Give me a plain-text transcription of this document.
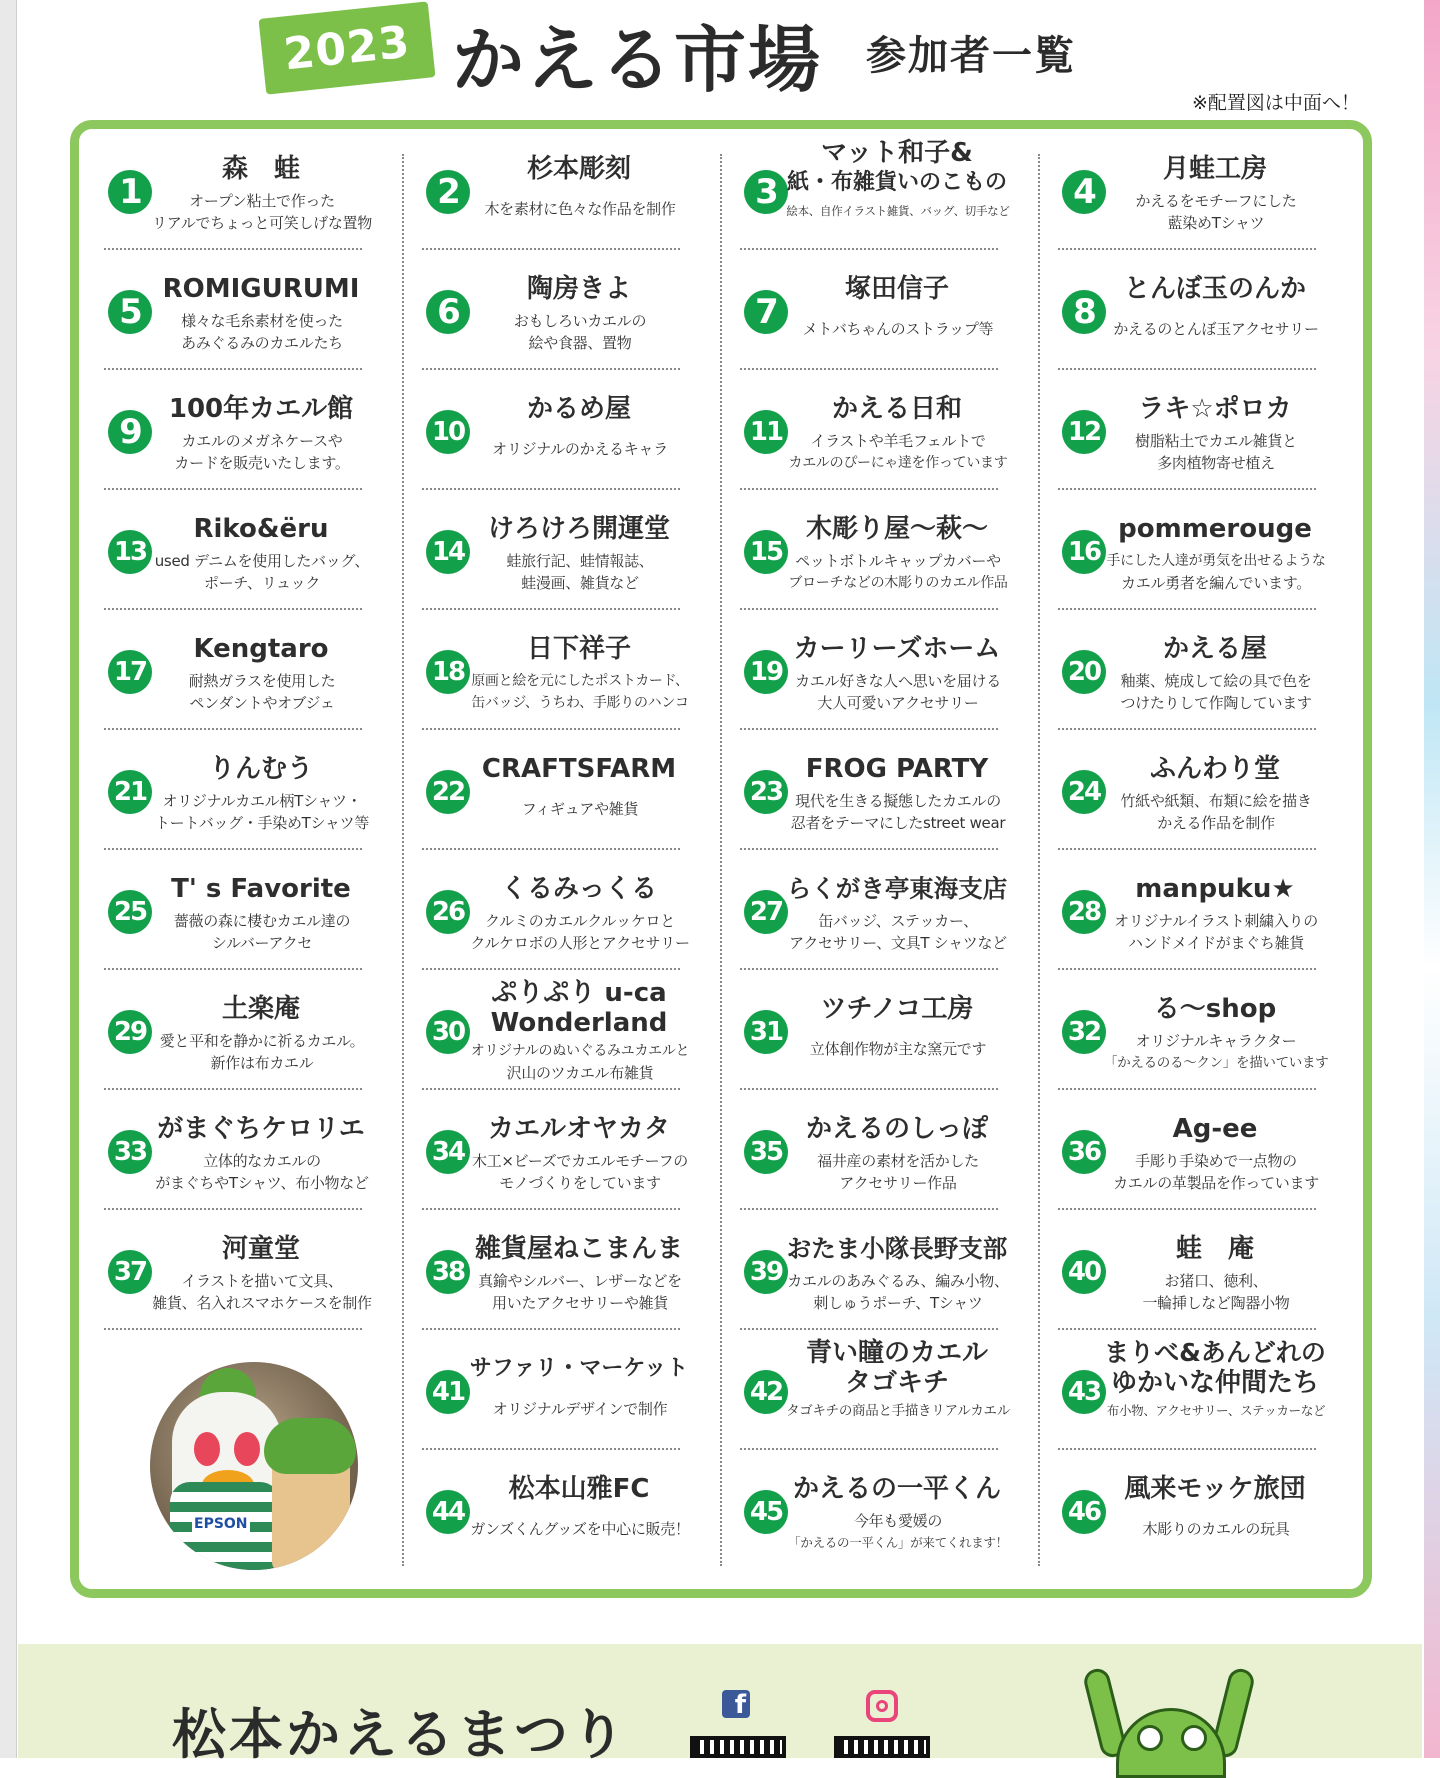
2023 かえる市場 参加者一覧
※配置図は中面へ！
1
森　蛙
オープン粘土で作った
リアルでちょっと可笑しげな置物
2
杉本彫刻
木を素材に色々な作品を制作	3
マット和子&
紙・布雑貨いのこもの
絵本、自作イラスト雑貨、バッグ、切手など	4
月蛙工房
かえるをモチーフにした
藍染めTシャツ
5
ROMIGURUMI
様々な毛糸素材を使った
あみぐるみのカエルたち
6
陶房きよ
おもしろいカエルの
絵や食器、置物
7
塚田信子
メトバちゃんのストラップ等	8
とんぼ玉のんか
かえるのとんぼ玉アクセサリー
9
100年カエル館
カエルのメガネケースや
カードを販売いたします。
10
かるめ屋
オリジナルのかえるキャラ
11
かえる日和
イラストや羊毛フェルトで
カエルのぴーにゃ達を作っています
12
ラキ☆ポロカ
樹脂粘土でカエル雑貨と
多肉植物寄せ植え
13
Riko&ëru
used デニムを使用したバッグ、
ポーチ、リュック
14
けろけろ開運堂
蛙旅行記、蛙情報誌、
蛙漫画、雑貨など
15
木彫り屋～萩～
ペットボトルキャップカバーや
ブローチなどの木彫りのカエル作品
16
pommerouge
手にした人達が勇気を出せるような
カエル勇者を編んでいます。
17
Kengtaro
耐熱ガラスを使用した
ペンダントやオブジェ
18
日下祥子
原画と絵を元にしたポストカード、
缶バッジ、うちわ、手彫りのハンコ
19
カーリーズホーム
カエル好きな人へ思いを届ける
大人可愛いアクセサリー
20
かえる屋
釉薬、焼成して絵の具で色を
つけたりして作陶しています
21
りんむう
オリジナルカエル柄Tシャツ・
トートバッグ・手染めTシャツ等
22
CRAFTSFARM
フィギュアや雑貨
23
FROG PARTY
現代を生きる擬態したカエルの
忍者をテーマにしたstreet wear
24
ふんわり堂
竹紙や紙類、布類に絵を描き
かえる作品を制作
25
T' s Favorite
薔薇の森に棲むカエル達の
シルバーアクセ
26
くるみっくる
クルミのカエルクルッケロと
クルケロボの人形とアクセサリー
27
らくがき亭東海支店
缶バッジ、ステッカー、
アクセサリー、文具T シャツなど
28
manpuku★
オリジナルイラスト刺繍入りの
ハンドメイドがまぐち雑貨
29
土楽庵
愛と平和を静かに祈るカエル。
新作は布カエル
30
ぷりぷり u-ca
Wonderland
オリジナルのぬいぐるみユカエルと
沢山のツカエル布雑貨
31
ツチノコ工房
立体創作物が主な窯元です
32
る～shop
オリジナルキャラクター
「かえるのる～クン」を描いています
33
がまぐちケロリエ
立体的なカエルの
がまぐちやTシャツ、布小物など
34
カエルオヤカタ
木工×ビーズでカエルモチーフの
モノづくりをしています
35
かえるのしっぽ
福井産の素材を活かした
アクセサリー作品
36
Ag-ee
手彫り手染めで一点物の
カエルの革製品を作っています
37
河童堂
イラストを描いて文具、
雑貨、名入れスマホケースを制作
38
雑貨屋ねこまんま
真鍮やシルバー、レザーなどを
用いたアクセサリーや雑貨
39
おたま小隊長野支部
カエルのあみぐるみ、編み小物、
刺しゅうポーチ、Tシャツ
40
蛙　庵
お猪口、徳利、
一輪挿しなど陶器小物
41
サファリ・マーケット
オリジナルデザインで制作
42
青い瞳のカエル
タゴキチ
タゴキチの商品と手描きリアルカエル
43
まりべ&あんどれの
ゆかいな仲間たち
布小物、アクセサリー、ステッカーなど
44
松本山雅FC
ガンズくんグッズを中心に販売！
45
かえるの一平くん
今年も愛媛の
「かえるの一平くん」が来てくれます！
46
風来モッケ旅団
木彫りのカエルの玩具
EPSON
松本かえるまつり	f
